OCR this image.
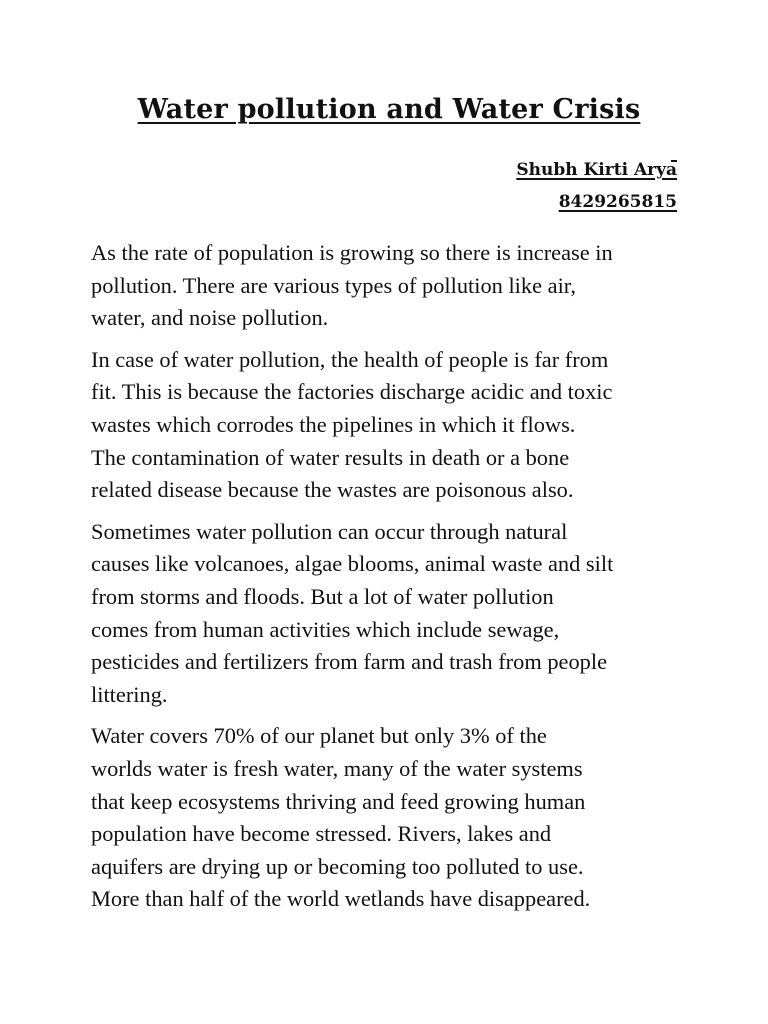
Water pollution and Water Crisis
Shubh Kirti Arya
8429265815

As the rate of population is growing so there is increase in
pollution. There are various types of pollution like air,
water, and noise pollution.

In case of water pollution, the health of people is far from
fit. This is because the factories discharge acidic and toxic
wastes which corrodes the pipelines in which it flows.
The contamination of water results in death or a bone
related disease because the wastes are poisonous also.

Sometimes water pollution can occur through natural
causes like volcanoes, algae blooms, animal waste and silt
from storms and floods. But a lot of water pollution
comes from human activities which include sewage,
pesticides and fertilizers from farm and trash from people
littering.

Water covers 70% of our planet but only 3% of the
worlds water is fresh water, many of the water systems
that keep ecosystems thriving and feed growing human
population have become stressed. Rivers, lakes and
aquifers are drying up or becoming too polluted to use.
More than half of the world wetlands have disappeared.
